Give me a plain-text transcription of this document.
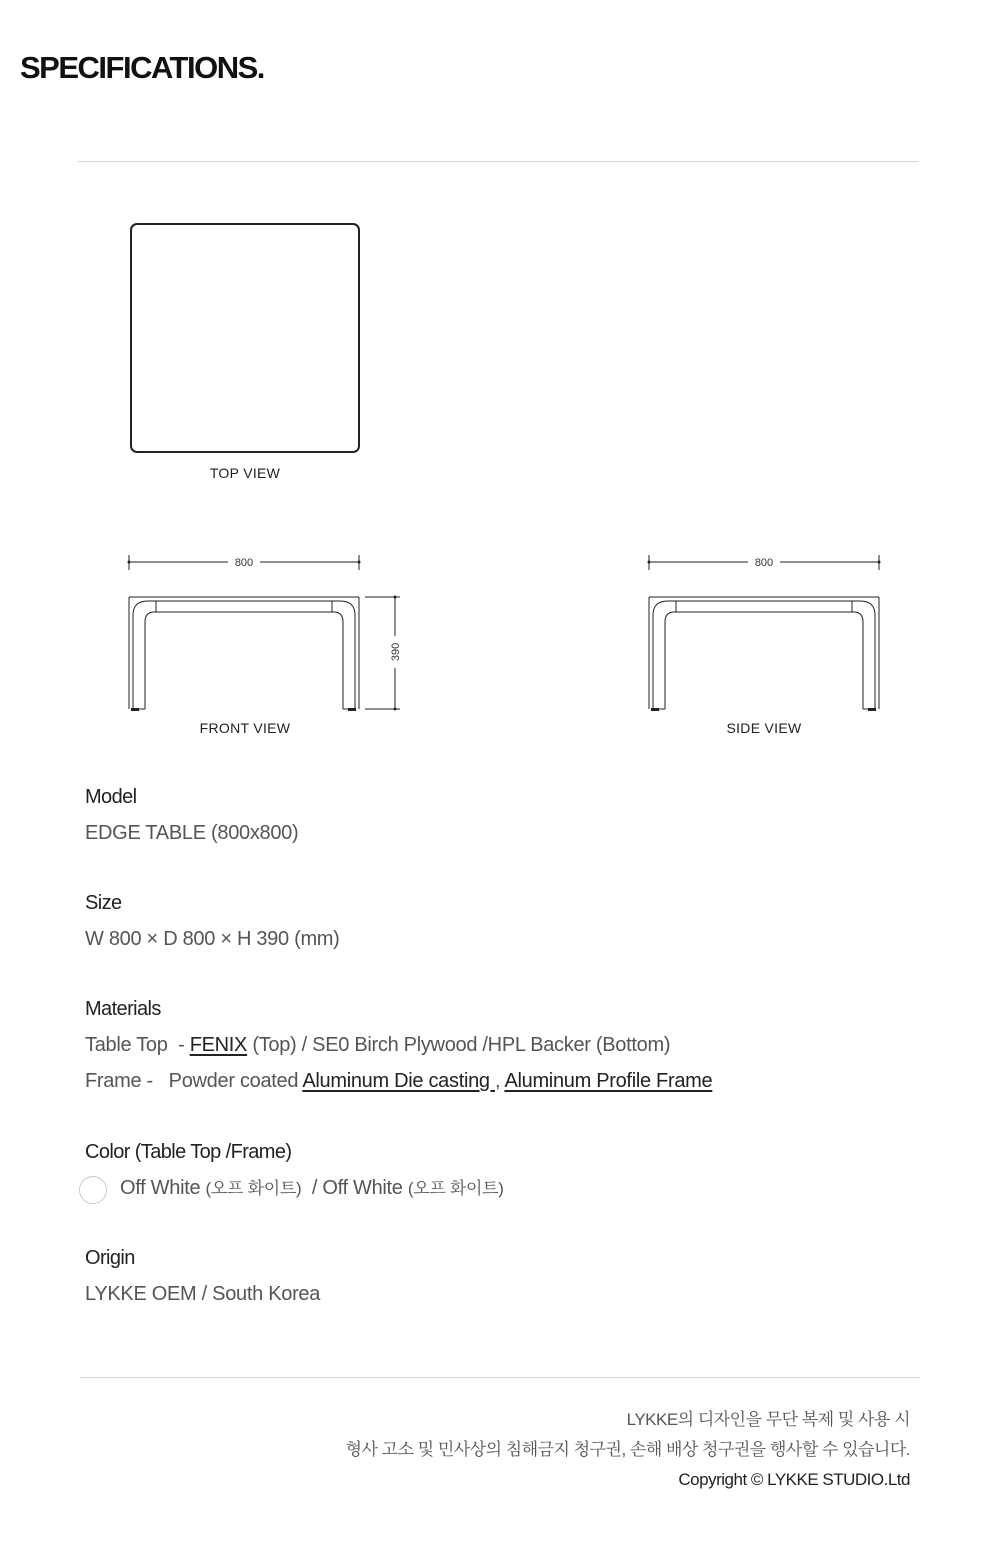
SPECIFICATIONS.
TOP VIEW
800
390
FRONT VIEW
800
SIDE VIEW
Model
EDGE TABLE (800x800)
Size
W 800 × D 800 × H 390 (mm)
Materials
Table Top  - FENIX (Top) / SE0 Birch Plywood /HPL Backer (Bottom)
Frame -   Powder coated Aluminum Die casting , Aluminum Profile Frame
Color (Table Top /Frame)
Off White (오프 화이트)  / Off White (오프 화이트)
Origin
LYKKE OEM / South Korea
LYKKE의 디자인을 무단 복제 및 사용 시
형사 고소 및 민사상의 침해금지 청구권, 손해 배상 청구권을 행사할 수 있습니다.
Copyright © LYKKE STUDIO.Ltd
